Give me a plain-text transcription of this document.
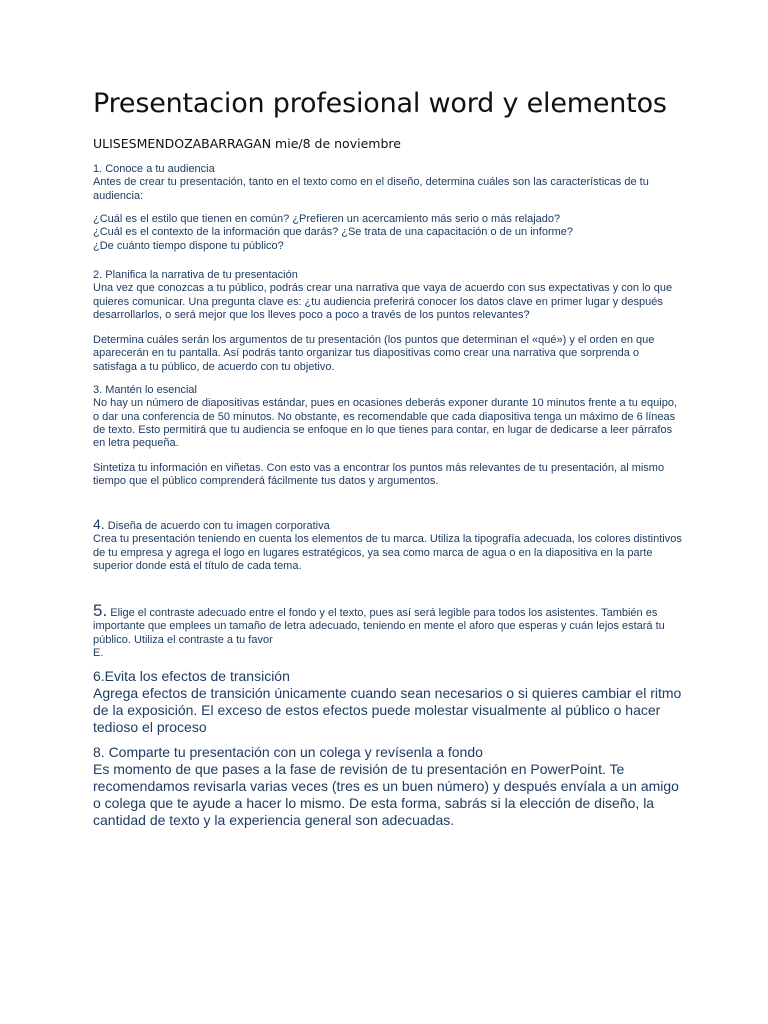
Presentacion profesional word y elementos

ULISESMENDOZABARRAGAN mie/8 de noviembre

1. Conoce a tu audiencia

Antes de crear tu presentación, tanto en el texto como en el diseño, determina cuáles son las características de tu audiencia:

¿Cuál es el estilo que tienen en común? ¿Prefieren un acercamiento más serio o más relajado?

¿Cuál es el contexto de la información que darás? ¿Se trata de una capacitación o de un informe?

¿De cuánto tiempo dispone tu público?

2. Planifica la narrativa de tu presentación

Una vez que conozcas a tu público, podrás crear una narrativa que vaya de acuerdo con sus expectativas y con lo que quieres comunicar. Una pregunta clave es: ¿tu audiencia preferirá conocer los datos clave en primer lugar y después desarrollarlos, o será mejor que los lleves poco a poco a través de los puntos relevantes?

Determina cuáles serán los argumentos de tu presentación (los puntos que determinan el «qué») y el orden en que aparecerán en tu pantalla. Así podrás tanto organizar tus diapositivas como crear una narrativa que sorprenda o satisfaga a tu público, de acuerdo con tu objetivo.

3. Mantén lo esencial

No hay un número de diapositivas estándar, pues en ocasiones deberás exponer durante 10 minutos frente a tu equipo, o dar una conferencia de 50 minutos. No obstante, es recomendable que cada diapositiva tenga un máximo de 6 líneas de texto. Esto permitirá que tu audiencia se enfoque en lo que tienes para contar, en lugar de dedicarse a leer párrafos en letra pequeña.

Sintetiza tu información en viñetas. Con esto vas a encontrar los puntos más relevantes de tu presentación, al mismo tiempo que el público comprenderá fácilmente tus datos y argumentos.

4. Diseña de acuerdo con tu imagen corporativa

Crea tu presentación teniendo en cuenta los elementos de tu marca. Utiliza la tipografía adecuada, los colores distintivos de tu empresa y agrega el logo en lugares estratégicos, ya sea como marca de agua o en la diapositiva en la parte superior donde está el título de cada tema.

5. Elige el contraste adecuado entre el fondo y el texto, pues así será legible para todos los asistentes. También es importante que emplees un tamaño de letra adecuado, teniendo en mente el aforo que esperas y cuán lejos estará tu público. Utiliza el contraste a tu favor

E.

6.Evita los efectos de transición

Agrega efectos de transición únicamente cuando sean necesarios o si quieres cambiar el ritmo de la exposición. El exceso de estos efectos puede molestar visualmente al público o hacer tedioso el proceso

8. Comparte tu presentación con un colega y revísenla a fondo

Es momento de que pases a la fase de revisión de tu presentación en PowerPoint. Te recomendamos revisarla varias veces (tres es un buen número) y después envíala a un amigo o colega que te ayude a hacer lo mismo. De esta forma, sabrás si la elección de diseño, la cantidad de texto y la experiencia general son adecuadas.
